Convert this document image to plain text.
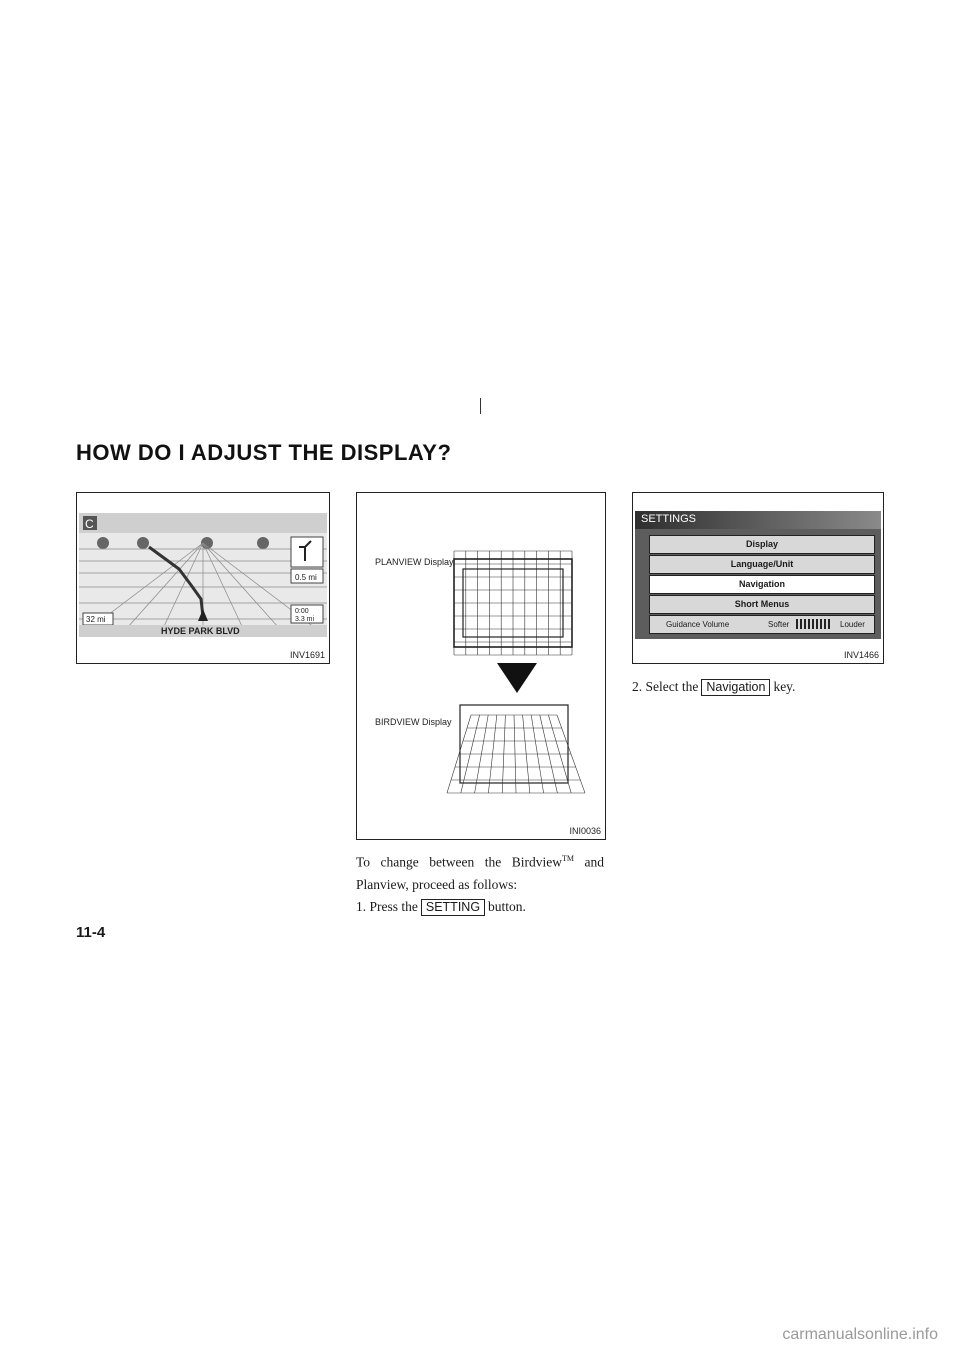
HOW DO I ADJUST THE DISPLAY?
C
0.5 mi
0:00
3.3 mi
32 mi
HYDE PARK BLVD
INV1691
PLANVIEW Display
BIRDVIEW Display
INI0036
SETTINGS
Display
Language/Unit
Navigation
Short Menus
Guidance Volume	Softer	Louder
INV1466

To change between the Birdview™ and Planview, proceed as follows:

1. Press the SETTING button.

2. Select the Navigation key.

11-4

carmanualsonline.info
